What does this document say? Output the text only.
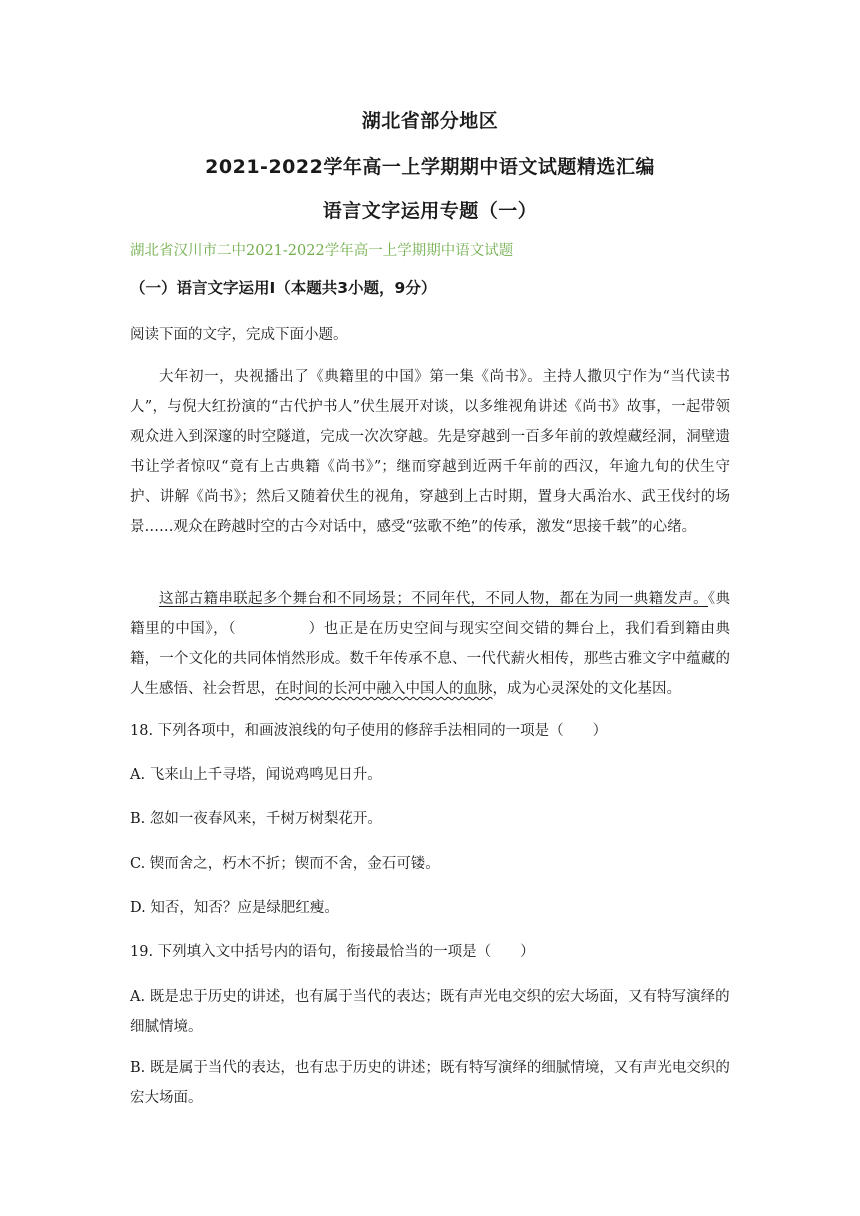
湖北省部分地区
2021-2022学年高一上学期期中语文试题精选汇编
语言文字运用专题（一）
湖北省汉川市二中2021-2022学年高一上学期期中语文试题
（一）语言文字运用Ⅰ（本题共3小题，9分）
阅读下面的文字，完成下面小题。

大年初一，央视播出了《典籍里的中国》第一集《尚书》。主持人撒贝宁作为“当代读书人”，与倪大红扮演的“古代护书人”伏生展开对谈，以多维视角讲述《尚书》故事，一起带领观众进入到深邃的时空隧道，完成一次次穿越。先是穿越到一百多年前的敦煌藏经洞，洞壁遗书让学者惊叹“竟有上古典籍《尚书》”；继而穿越到近两千年前的西汉，年逾九旬的伏生守护、讲解《尚书》；然后又随着伏生的视角，穿越到上古时期，置身大禹治水、武王伐纣的场景……观众在跨越时空的古今对话中，感受“弦歌不绝”的传承，激发“思接千载”的心绪。

这部古籍串联起多个舞台和不同场景；不同年代，不同人物，都在为同一典籍发声。《典籍里的中国》，（	）也正是在历史空间与现实空间交错的舞台上，我们看到籍由典籍，一个文化的共同体悄然形成。数千年传承不息、一代代薪火相传，那些古雅文字中蕴藏的人生感悟、社会哲思，在时间的长河中融入中国人的血脉，成为心灵深处的文化基因。

18. 下列各项中，和画波浪线的句子使用的修辞手法相同的一项是（　　）

A. 飞来山上千寻塔，闻说鸡鸣见日升。

B. 忽如一夜春风来，千树万树梨花开。

C. 锲而舍之，朽木不折；锲而不舍，金石可镂。

D. 知否，知否？应是绿肥红瘦。

19. 下列填入文中括号内的语句，衔接最恰当的一项是（　　）

A. 既是忠于历史的讲述，也有属于当代的表达；既有声光电交织的宏大场面，又有特写演绎的细腻情境。

B. 既是属于当代的表达，也有忠于历史的讲述；既有特写演绎的细腻情境，又有声光电交织的宏大场面。
